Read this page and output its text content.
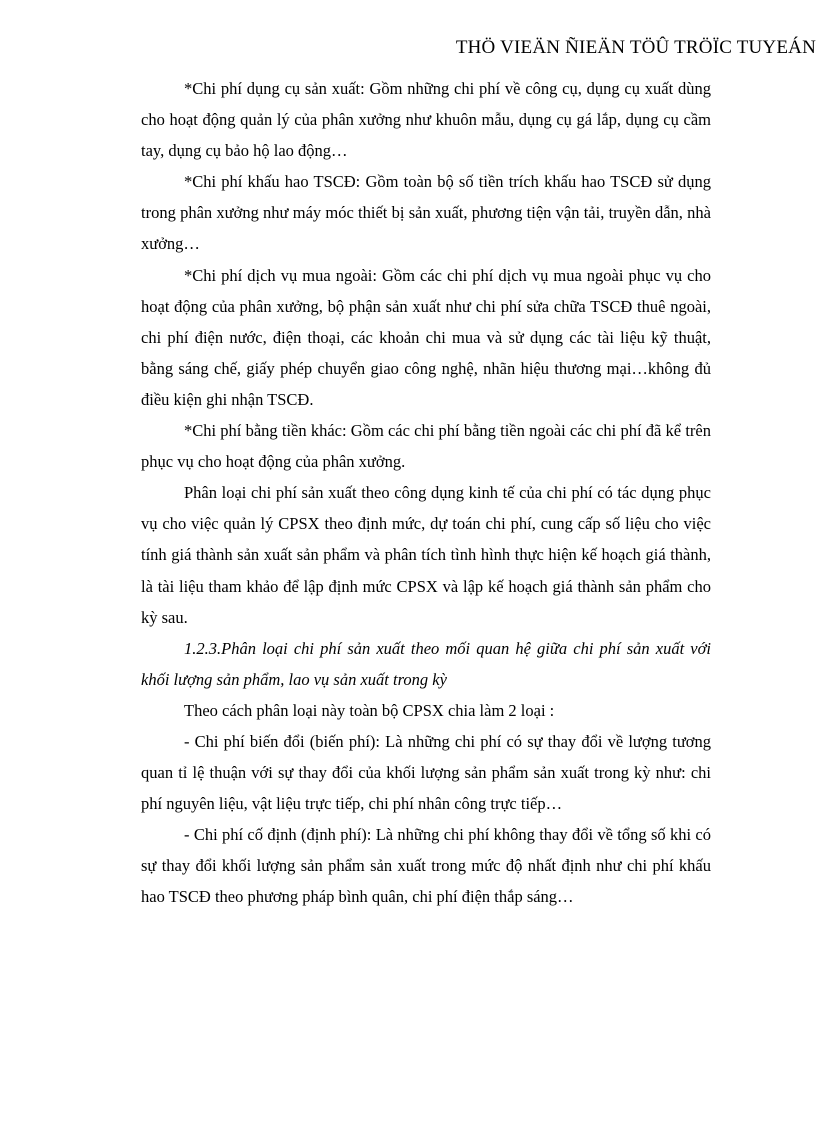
THÖ VIEÄN ÑIEÄN TÖÛ TRÖÏC TUYEÁN

*Chi phí dụng cụ sản xuất: Gồm những chi phí về công cụ, dụng cụ xuất dùng cho hoạt động quản lý của phân xưởng như khuôn mẫu, dụng cụ gá lắp, dụng cụ cầm tay, dụng cụ bảo hộ lao động…

*Chi phí khấu hao TSCĐ: Gồm toàn bộ số tiền trích khấu hao TSCĐ sử dụng trong phân xưởng như máy móc thiết bị sản xuất, phương tiện vận tải, truyền dẫn, nhà xưởng…

*Chi phí dịch vụ mua ngoài: Gồm các chi phí dịch vụ mua ngoài phục vụ cho hoạt động của phân xưởng, bộ phận sản xuất như chi phí sửa chữa TSCĐ thuê ngoài, chi phí điện nước, điện thoại, các khoản chi mua và sử dụng các tài liệu kỹ thuật, bằng sáng chế, giấy phép chuyển giao công nghệ, nhãn hiệu thương mại…không đủ điều kiện ghi nhận TSCĐ.

*Chi phí bằng tiền khác: Gồm các chi phí bằng tiền ngoài các chi phí đã kể trên phục vụ cho hoạt động của phân xưởng.

Phân loại chi phí sản xuất theo công dụng kinh tế của chi phí có tác dụng phục vụ cho việc quản lý CPSX theo định mức, dự toán chi phí, cung cấp số liệu cho việc tính giá thành sản xuất sản phẩm và phân tích tình hình thực hiện kế hoạch giá thành, là tài liệu tham khảo để lập định mức CPSX và lập kế hoạch giá thành sản phẩm cho kỳ sau.

1.2.3.Phân loại chi phí sản xuất theo mối quan hệ giữa chi phí sản xuất với khối lượng sản phẩm, lao vụ sản xuất trong kỳ

Theo cách phân loại này toàn bộ CPSX chia làm 2 loại :

- Chi phí biến đổi (biến phí): Là những chi phí có sự thay đổi về lượng tương quan tỉ lệ thuận với sự thay đổi của khối lượng sản phẩm sản xuất trong kỳ như: chi phí nguyên liệu, vật liệu trực tiếp, chi phí nhân công trực tiếp…

- Chi phí cố định (định phí): Là những chi phí không thay đổi về tổng số khi có sự thay đổi khối lượng sản phẩm sản xuất trong mức độ nhất định như chi phí khấu hao TSCĐ theo phương pháp bình quân, chi phí điện thắp sáng…
